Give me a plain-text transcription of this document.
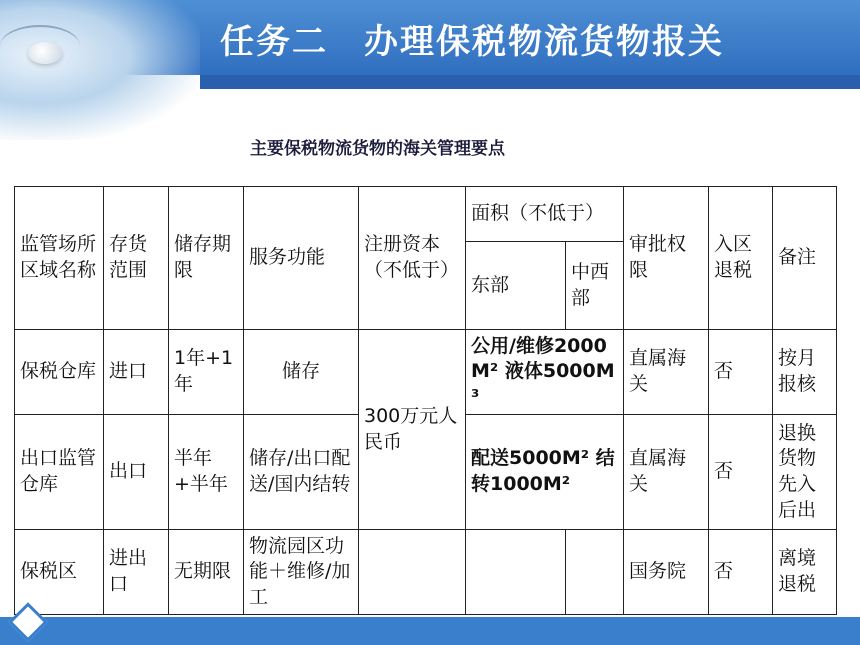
任务二　办理保税物流货物报关
主要保税物流货物的海关管理要点
监管场所区域名称	存货范围	储存期限	服务功能	注册资本（不低于）	面积（不低于）		审批权限	入区退税	备注
					东部	中西部			
保税仓库	进口	1年+1年	储存	300万元人民币	公用/维修2000M² 液体5000M³		直属海关	否	按月报核
出口监管仓库	出口	半年+半年	储存/出口配送/国内结转		配送5000M² 结转1000M²		直属海关	否	退换货物先入后出
保税区	进出口	无期限	物流园区功能＋维修/加工				国务院	否	离境退税
